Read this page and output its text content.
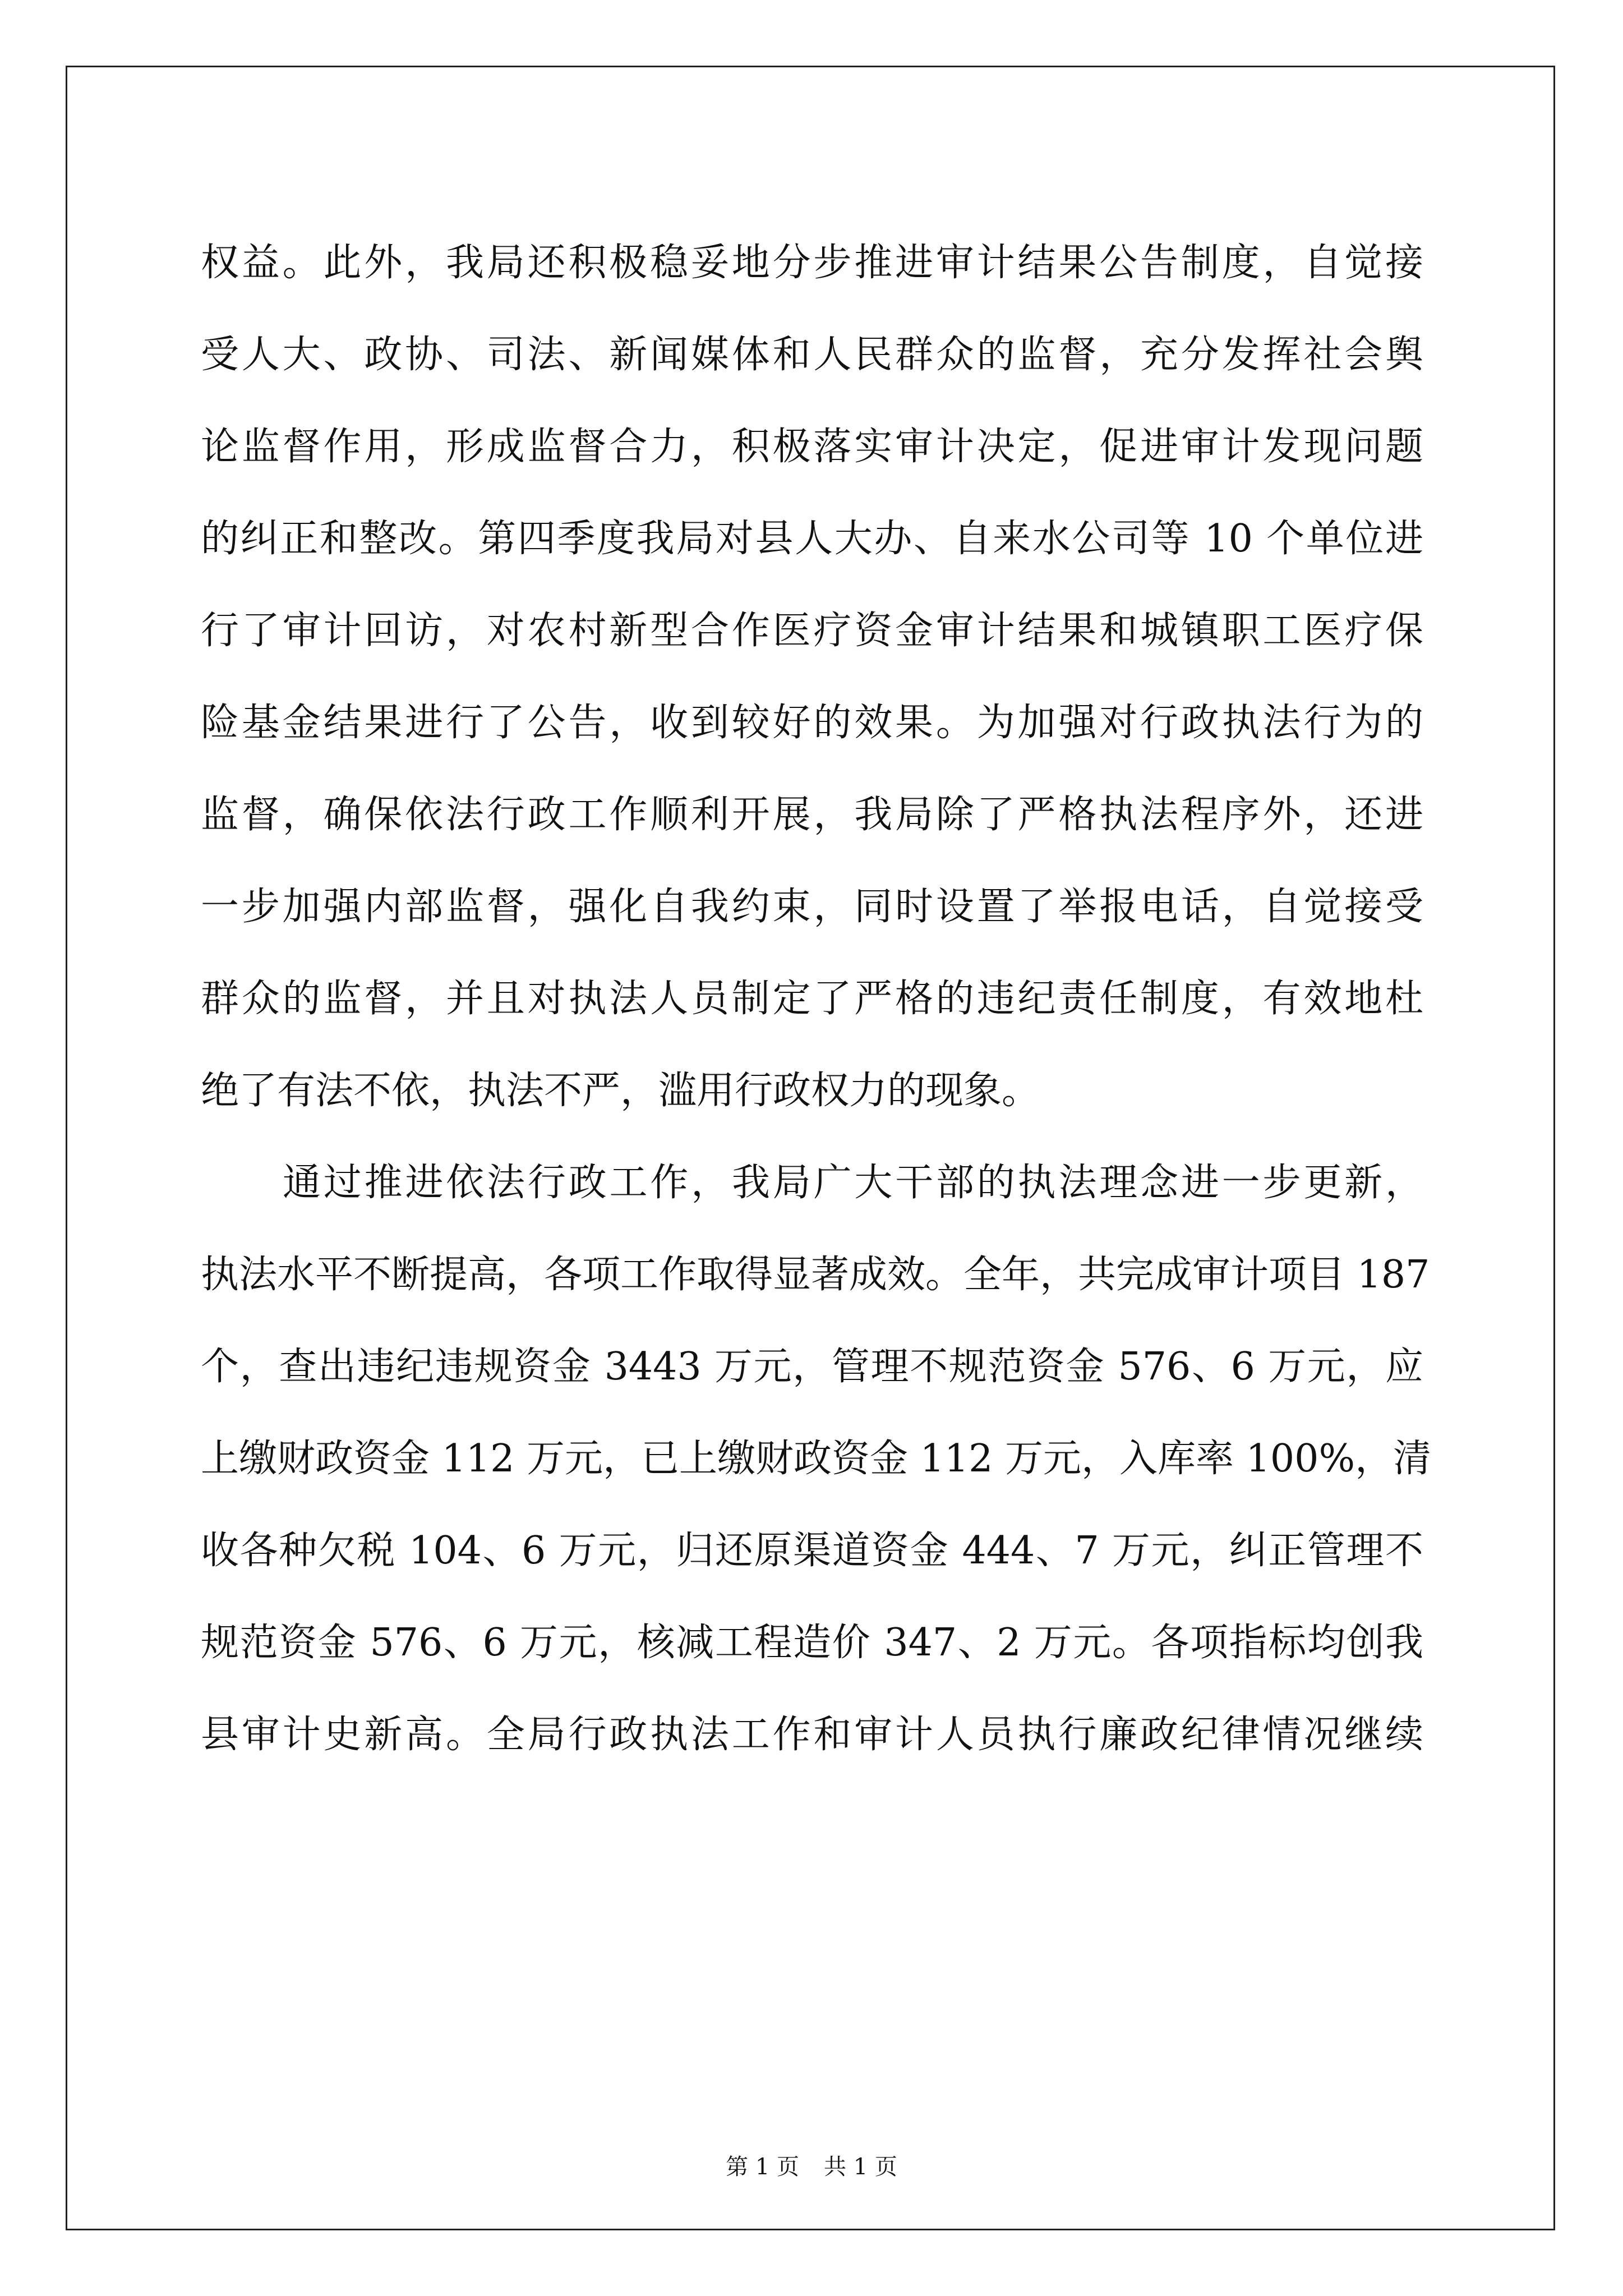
权益。此外，我局还积极稳妥地分步推进审计结果公告制度，自觉接
受人大、政协、司法、新闻媒体和人民群众的监督，充分发挥社会舆
论监督作用，形成监督合力，积极落实审计决定，促进审计发现问题
的纠正和整改。第四季度我局对县人大办、自来水公司等 10 个单位进
行了审计回访，对农村新型合作医疗资金审计结果和城镇职工医疗保
险基金结果进行了公告，收到较好的效果。为加强对行政执法行为的
监督，确保依法行政工作顺利开展，我局除了严格执法程序外，还进
一步加强内部监督，强化自我约束，同时设置了举报电话，自觉接受
群众的监督，并且对执法人员制定了严格的违纪责任制度，有效地杜
绝了有法不依，执法不严，滥用行政权力的现象。
通过推进依法行政工作，我局广大干部的执法理念进一步更新，
执法水平不断提高，各项工作取得显著成效。全年，共完成审计项目 187
个，查出违纪违规资金 3443 万元，管理不规范资金 576、6 万元，应
上缴财政资金 112 万元，已上缴财政资金 112 万元，入库率 100%，清
收各种欠税 104、6 万元，归还原渠道资金 444、7 万元，纠正管理不
规范资金 576、6 万元，核减工程造价 347、2 万元。各项指标均创我
县审计史新高。全局行政执法工作和审计人员执行廉政纪律情况继续
第 1 页 共 1 页
